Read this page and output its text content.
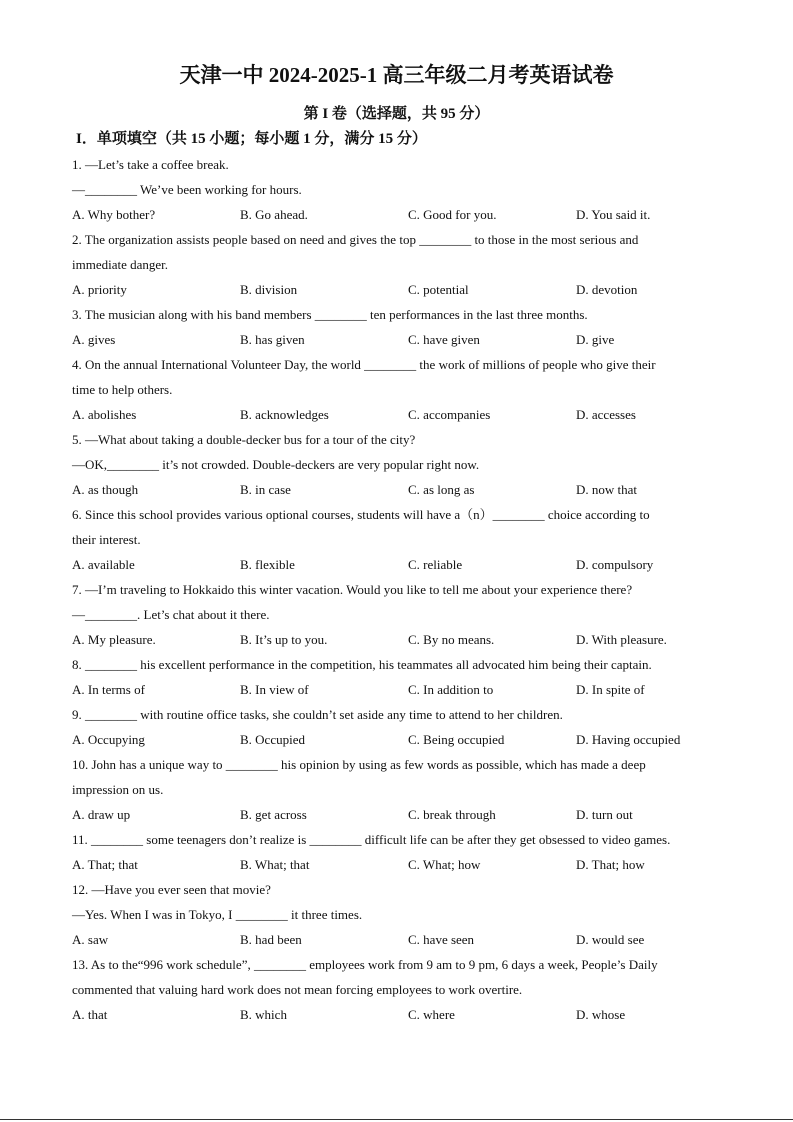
天津一中 2024-2025-1 高三年级二月考英语试卷
第 I 卷（选择题，共 95 分）
I．单项填空（共 15 小题；每小题 1 分，满分 15 分）
1. —Let’s take a coffee break.
—________ We’ve been working for hours.
A. Why bother?	B. Go ahead.	C. Good for you.	D. You said it.
2. The organization assists people based on need and gives the top ________ to those in the most serious and
immediate danger.
A. priority	B. division	C. potential	D. devotion
3. The musician along with his band members ________ ten performances in the last three months.
A. gives	B. has given	C. have given	D. give
4. On the annual International Volunteer Day, the world ________ the work of millions of people who give their
time to help others.
A. abolishes	B. acknowledges	C. accompanies	D. accesses
5. —What about taking a double-decker bus for a tour of the city?
—OK,________ it’s not crowded. Double-deckers are very popular right now.
A. as though	B. in case	C. as long as	D. now that
6. Since this school provides various optional courses, students will have a（n）________ choice according to
their interest.
A. available	B. flexible	C. reliable	D. compulsory
7. —I’m traveling to Hokkaido this winter vacation. Would you like to tell me about your experience there?
—________. Let’s chat about it there.
A. My pleasure.	B. It’s up to you.	C. By no means.	D. With pleasure.
8. ________ his excellent performance in the competition, his teammates all advocated him being their captain.
A. In terms of	B. In view of	C. In addition to	D. In spite of
9. ________ with routine office tasks, she couldn’t set aside any time to attend to her children.
A. Occupying	B. Occupied	C. Being occupied	D. Having occupied
10. John has a unique way to ________ his opinion by using as few words as possible, which has made a deep
impression on us.
A. draw up	B. get across	C. break through	D. turn out
11. ________ some teenagers don’t realize is ________ difficult life can be after they get obsessed to video games.
A. That; that	B. What; that	C. What; how	D. That; how
12. —Have you ever seen that movie?
—Yes. When I was in Tokyo, I ________ it three times.
A. saw	B. had been	C. have seen	D. would see
13. As to the“996 work schedule”, ________ employees work from 9 am to 9 pm, 6 days a week, People’s Daily
commented that valuing hard work does not mean forcing employees to work overtire.
A. that	B. which	C. where	D. whose
